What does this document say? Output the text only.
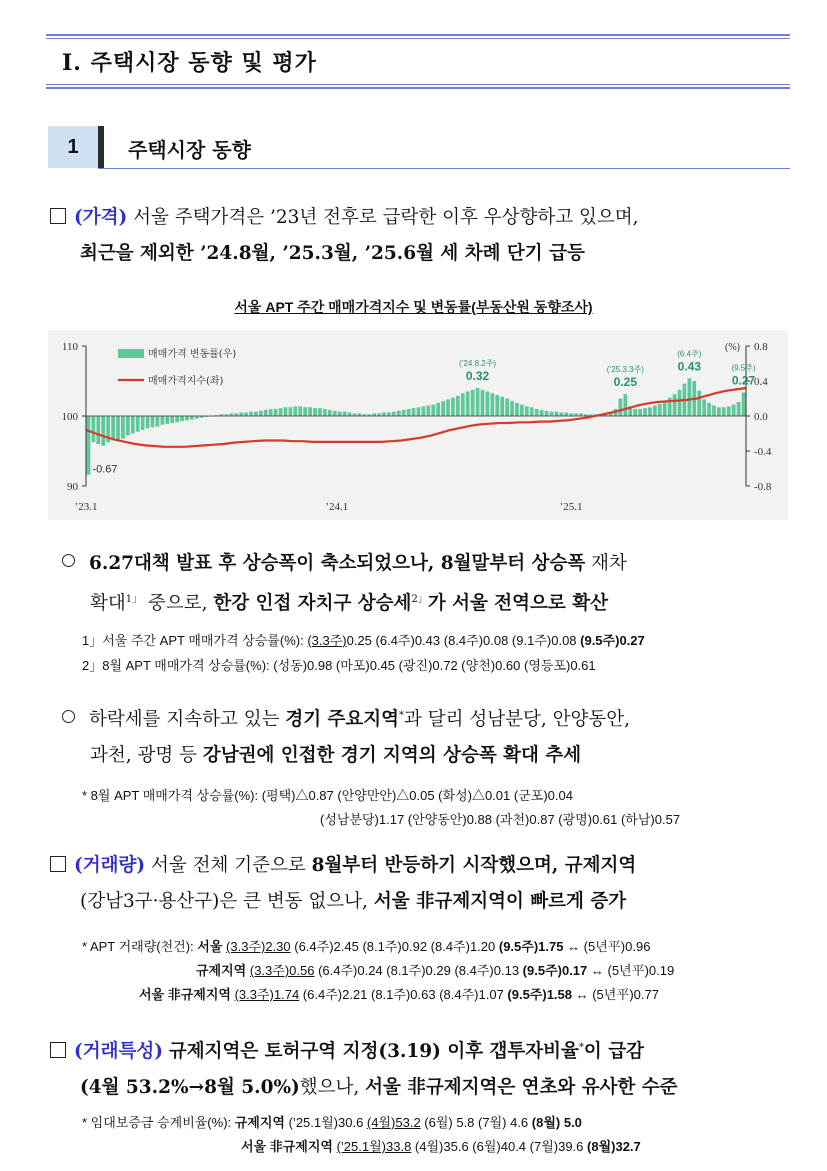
Ⅰ. 주택시장 동향 및 평가
1	주택시장 동향
(가격) 서울 주택가격은 ’23년 전후로 급락한 이후 우상향하고 있으며,
최근을 제외한 ’24.8월, ’25.3월, ’25.6월 세 차례 단기 급등
서울 APT 주간 매매가격지수 및 변동률(부동산원 동향조사)
110
100
90
0.8
0.4
0.0
-0.4
-0.8
(%)
’23.1	’24.1	’25.1
매매가격 변동률(우)
매매가격지수(좌)
-0.67
0.32
(’24.8.2주)
0.25
(’25.3.3주)	0.43
(6.4주)
0.27
(9.5주)
6.27대책 발표 후 상승폭이 축소되었으나, 8월말부터 상승폭 재차
확대$^{1」}$ 중으로, 한강 인접 자치구 상승세$^{2」}$가 서울 전역으로 확산
1」서울 주간 APT 매매가격 상승률(%): (3.3주)0.25 (6.4주)0.43 (8.4주)0.08 (9.1주)0.08 (9.5주)0.27
2」8월 APT 매매가격 상승률(%): (성동)0.98 (마포)0.45 (광진)0.72 (양천)0.60 (영등포)0.61
하락세를 지속하고 있는 경기 주요지역*과 달리 성남분당, 안양동안,
과천, 광명 등 강남권에 인접한 경기 지역의 상승폭 확대 추세
* 8월 APT 매매가격 상승률(%): (평택)△0.87 (안양만안)△0.05 (화성)△0.01 (군포)0.04
(성남분당)1.17 (안양동안)0.88 (과천)0.87 (광명)0.61 (하남)0.57
(거래량) 서울 전체 기준으로 8월부터 반등하기 시작했으며, 규제지역
(강남3구·용산구)은 큰 변동 없으나, 서울 非규제지역이 빠르게 증가
* APT 거래량(천건): 서울 (3.3주)2.30 (6.4주)2.45 (8.1주)0.92 (8.4주)1.20 (9.5주)1.75 ↔ (5년平)0.96
규제지역 (3.3주)0.56 (6.4주)0.24 (8.1주)0.29 (8.4주)0.13 (9.5주)0.17 ↔ (5년平)0.19
서울 非규제지역 (3.3주)1.74 (6.4주)2.21 (8.1주)0.63 (8.4주)1.07 (9.5주)1.58 ↔ (5년平)0.77
(거래특성) 규제지역은 토허구역 지정(3.19) 이후 갭투자비율*이 급감
(4월 53.2%→8월 5.0%)했으나, 서울 非규제지역은 연초와 유사한 수준
* 임대보증금 승계비율(%): 규제지역 (’25.1월)30.6 (4월)53.2 (6월) 5.8 (7월) 4.6 (8월) 5.0
서울 非규제지역 (’25.1월)33.8 (4월)35.6 (6월)40.4 (7월)39.6 (8월)32.7
